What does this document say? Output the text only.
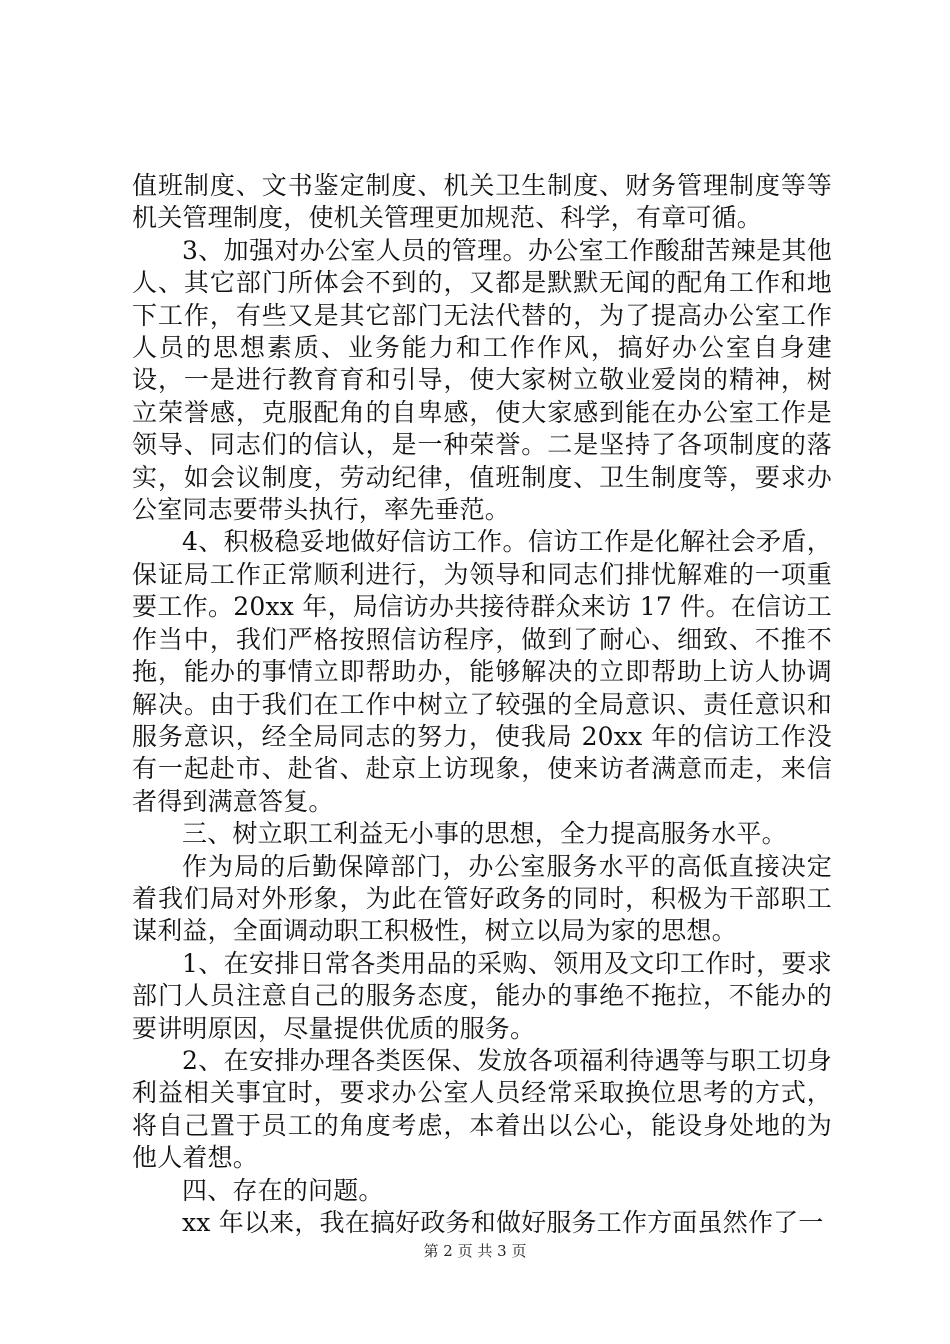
值班制度、文书鉴定制度、机关卫生制度、财务管理制度等等机关管理制度，使机关管理更加规范、科学，有章可循。

3、加强对办公室人员的管理。办公室工作酸甜苦辣是其他人、其它部门所体会不到的，又都是默默无闻的配角工作和地下工作，有些又是其它部门无法代替的，为了提高办公室工作人员的思想素质、业务能力和工作作风，搞好办公室自身建设，一是进行教育育和引导，使大家树立敬业爱岗的精神，树立荣誉感，克服配角的自卑感，使大家感到能在办公室工作是领导、同志们的信认，是一种荣誉。二是坚持了各项制度的落实，如会议制度，劳动纪律，值班制度、卫生制度等，要求办公室同志要带头执行，率先垂范。

4、积极稳妥地做好信访工作。信访工作是化解社会矛盾，保证局工作正常顺利进行，为领导和同志们排忧解难的一项重要工作。20xx 年，局信访办共接待群众来访 17 件。在信访工作当中，我们严格按照信访程序，做到了耐心、细致、不推不拖，能办的事情立即帮助办，能够解决的立即帮助上访人协调解决。由于我们在工作中树立了较强的全局意识、责任意识和服务意识，经全局同志的努力，使我局 20xx 年的信访工作没有一起赴市、赴省、赴京上访现象，使来访者满意而走，来信者得到满意答复。

三、树立职工利益无小事的思想，全力提高服务水平。

作为局的后勤保障部门，办公室服务水平的高低直接决定着我们局对外形象，为此在管好政务的同时，积极为干部职工谋利益，全面调动职工积极性，树立以局为家的思想。

1、在安排日常各类用品的采购、领用及文印工作时，要求部门人员注意自己的服务态度，能办的事绝不拖拉，不能办的要讲明原因，尽量提供优质的服务。

2、在安排办理各类医保、发放各项福利待遇等与职工切身利益相关事宜时，要求办公室人员经常采取换位思考的方式，将自己置于员工的角度考虑，本着出以公心，能设身处地的为他人着想。

四、存在的问题。

xx 年以来，我在搞好政务和做好服务工作方面虽然作了一

第 2 页 共 3 页
